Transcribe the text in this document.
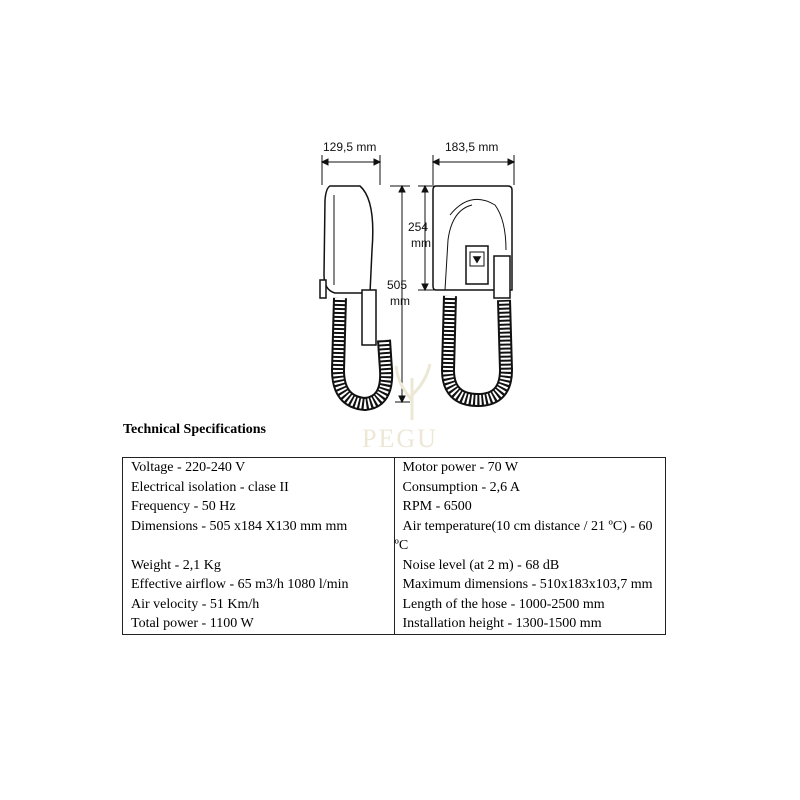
129,5 mm	183,5 mm
254
mm
505
mm
PEGU
Technical Specifications
Voltage - 220-240 V	Motor power - 70 W

Electrical isolation - clase II	Consumption - 2,6 A

Frequency - 50 Hz	RPM - 6500

Dimensions - 505 x184 X130 mm mm	Air temperature(10 cm distance / 21 ºC) - 60 ºC

Weight - 2,1 Kg	Noise level (at 2 m) - 68 dB

Effective airflow - 65 m3/h 1080 l/min	Maximum dimensions - 510x183x103,7 mm

Air velocity - 51 Km/h	Length of the hose - 1000-2500 mm

Total power - 1100 W	Installation height - 1300-1500 mm
